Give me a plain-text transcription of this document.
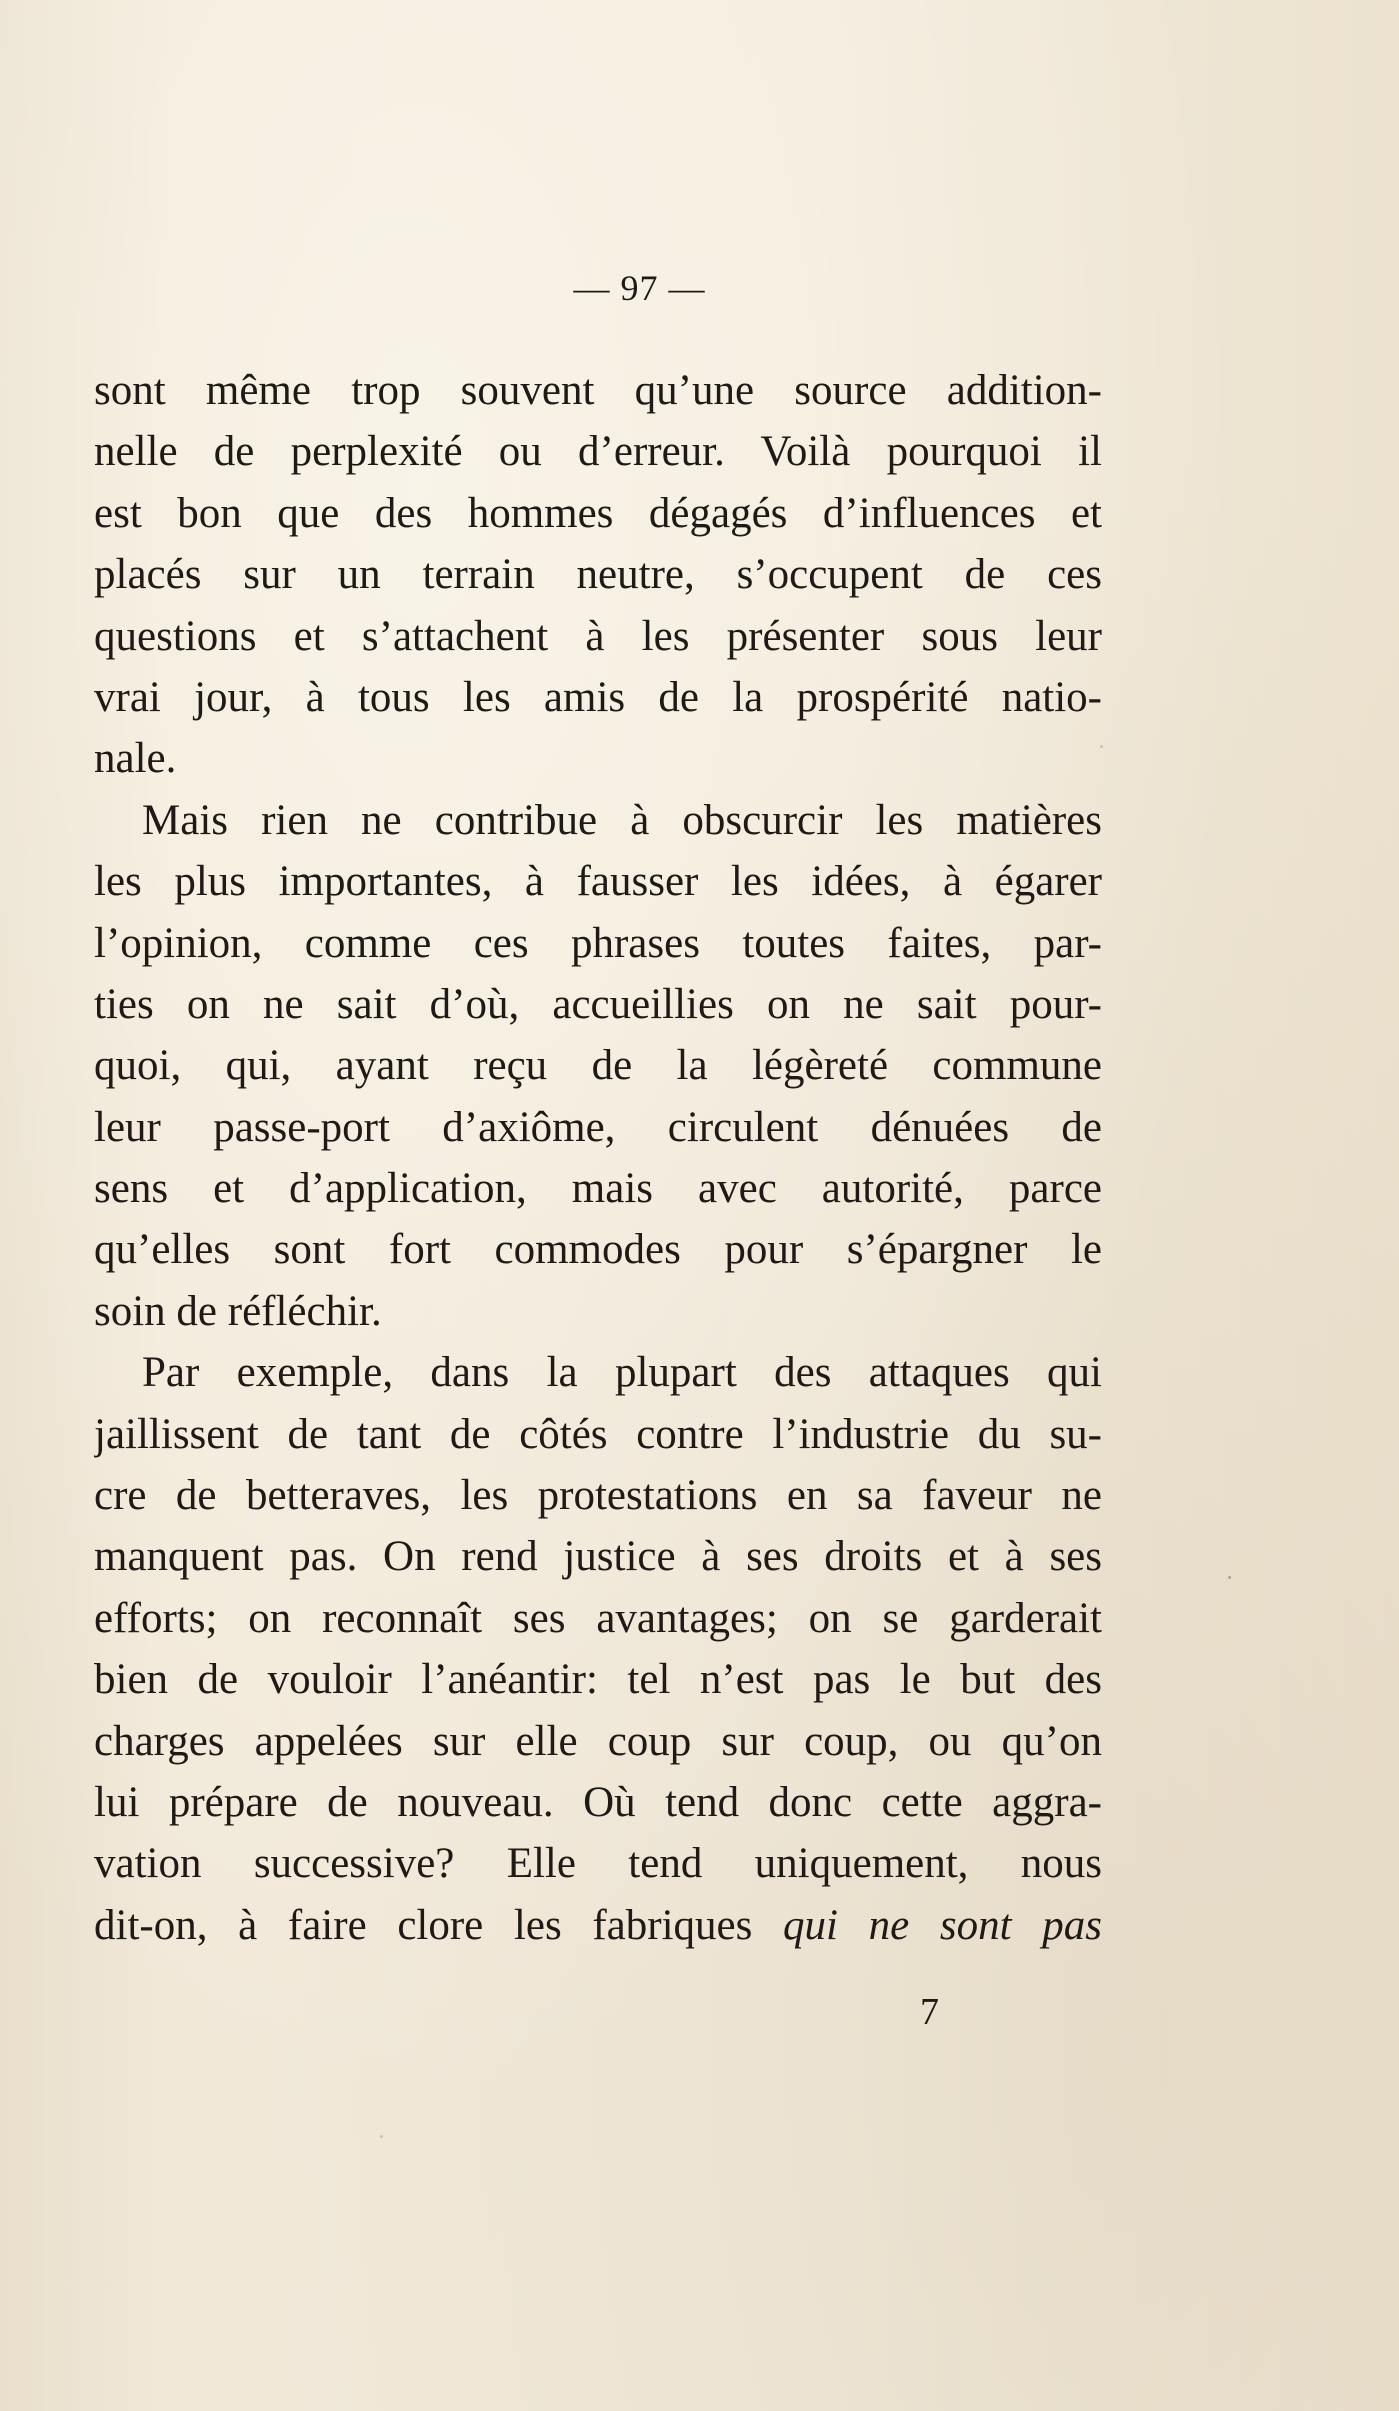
— 97 —
sont même trop souvent qu’une source addition-
nelle de perplexité ou d’erreur. Voilà pourquoi il
est bon que des hommes dégagés d’influences et
placés sur un terrain neutre, s’occupent de ces
questions et s’attachent à les présenter sous leur
vrai jour, à tous les amis de la prospérité natio-
nale.
Mais rien ne contribue à obscurcir les matières
les plus importantes, à fausser les idées, à égarer
l’opinion, comme ces phrases toutes faites, par-
ties on ne sait d’où, accueillies on ne sait pour-
quoi, qui, ayant reçu de la légèreté commune
leur passe-port d’axiôme, circulent dénuées de
sens et d’application, mais avec autorité, parce
qu’elles sont fort commodes pour s’épargner le
soin de réfléchir.
Par exemple, dans la plupart des attaques qui
jaillissent de tant de côtés contre l’industrie du su-
cre de betteraves, les protestations en sa faveur ne
manquent pas. On rend justice à ses droits et à ses
efforts; on reconnaît ses avantages; on se garderait
bien de vouloir l’anéantir: tel n’est pas le but des
charges appelées sur elle coup sur coup, ou qu’on
lui prépare de nouveau. Où tend donc cette aggra-
vation successive? Elle tend uniquement, nous
dit-on, à faire clore les fabriques qui ne sont pas
7
